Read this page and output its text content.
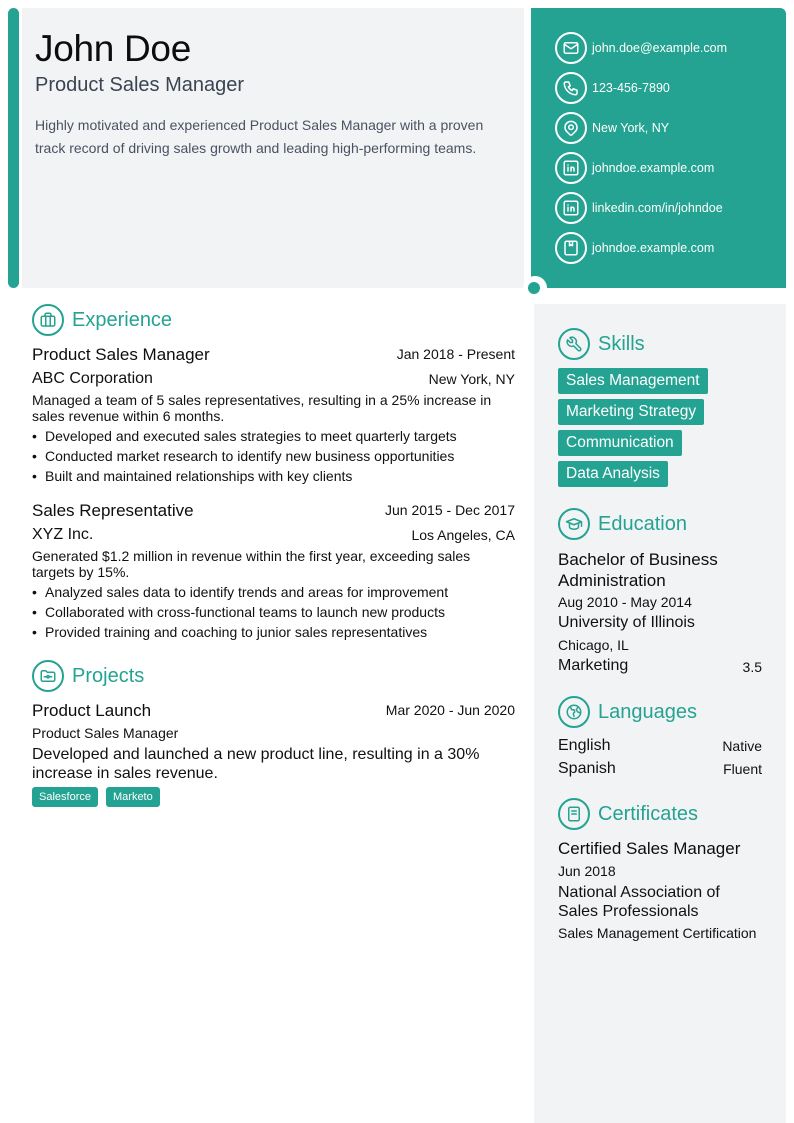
John Doe
Product Sales Manager
Highly motivated and experienced Product Sales Manager with a proven track record of driving sales growth and leading high-performing teams.
john.doe@example.com
123-456-7890
New York, NY
johndoe.example.com
linkedin.com/in/johndoe
johndoe.example.com
Experience
Product Sales Manager	Jan 2018 - Present
ABC Corporation	New York, NY
Managed a team of 5 sales representatives, resulting in a 25% increase in sales revenue within 6 months.
• Developed and executed sales strategies to meet quarterly targets
• Conducted market research to identify new business opportunities
• Built and maintained relationships with key clients
Sales Representative	Jun 2015 - Dec 2017
XYZ Inc.	Los Angeles, CA
Generated $1.2 million in revenue within the first year, exceeding sales targets by 15%.
• Analyzed sales data to identify trends and areas for improvement
• Collaborated with cross-functional teams to launch new products
• Provided training and coaching to junior sales representatives
Projects
Product Launch	Mar 2020 - Jun 2020
Product Sales Manager
Developed and launched a new product line, resulting in a 30% increase in sales revenue.
Salesforce	Marketo
Skills
Sales Management
Marketing Strategy
Communication
Data Analysis
Education
Bachelor of Business Administration
Aug 2010 - May 2014
University of Illinois
Chicago, IL
Marketing	3.5
Languages
English	Native
Spanish	Fluent
Certificates
Certified Sales Manager
Jun 2018
National Association of Sales Professionals
Sales Management Certification
